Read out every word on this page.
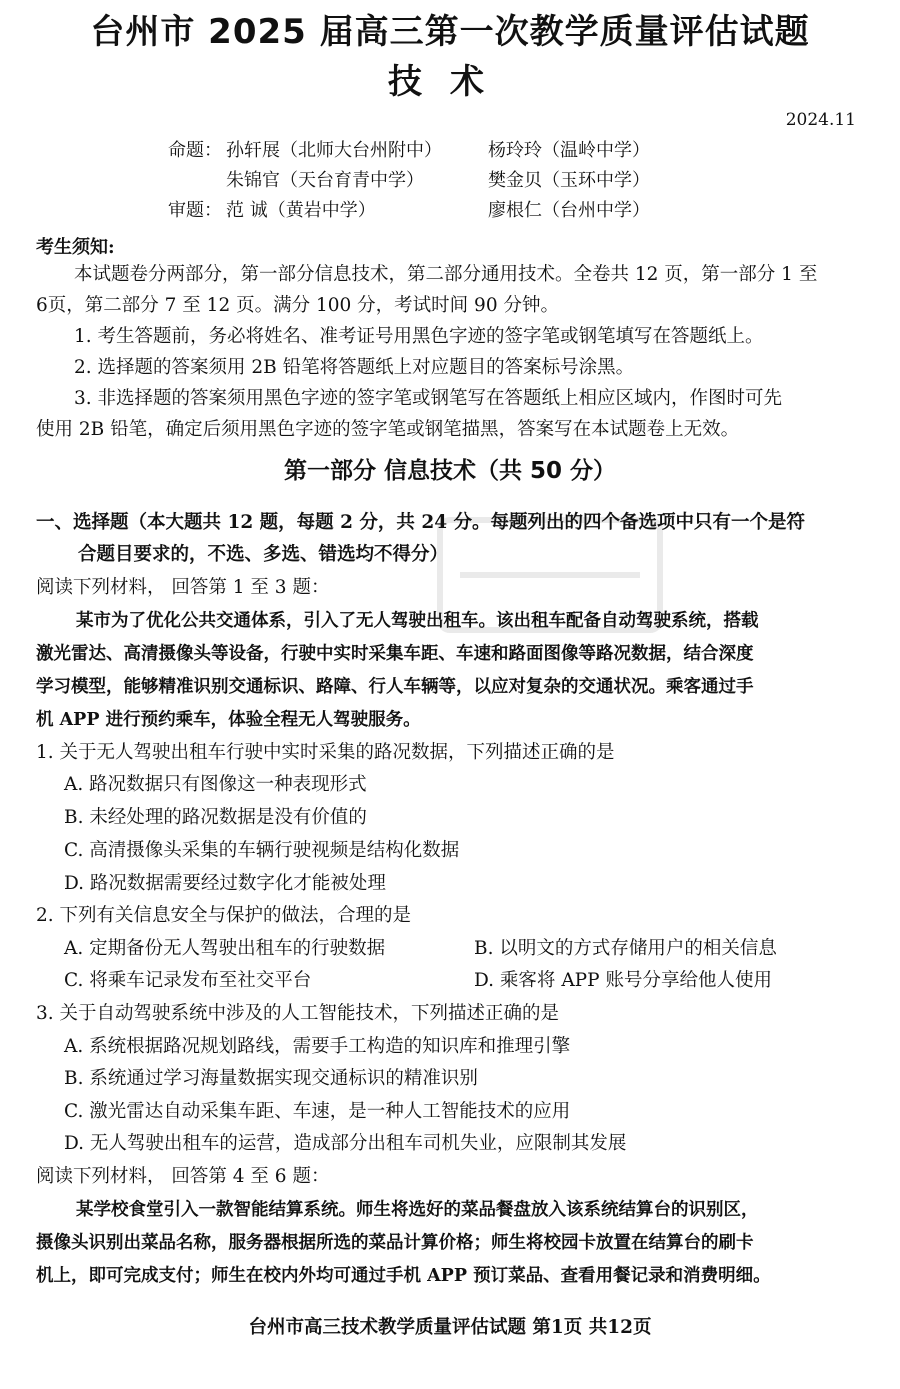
台州市 2025 届高三第一次教学质量评估试题
技术
2024.11
命题： 孙轩展（北师大台州附中）	杨玲玲（温岭中学）
朱锦官（天台育青中学）	樊金贝（玉环中学）
审题： 范 诚（黄岩中学）	廖根仁（台州中学）
考生须知:
本试题卷分两部分，第一部分信息技术，第二部分通用技术。全卷共 12 页，第一部分 1 至
6页，第二部分 7 至 12 页。满分 100 分，考试时间 90 分钟。
1. 考生答题前，务必将姓名、准考证号用黑色字迹的签字笔或钢笔填写在答题纸上。
2. 选择题的答案须用 2B 铅笔将答题纸上对应题目的答案标号涂黑。
3. 非选择题的答案须用黑色字迹的签字笔或钢笔写在答题纸上相应区域内，作图时可先
使用 2B 铅笔，确定后须用黑色字迹的签字笔或钢笔描黑，答案写在本试题卷上无效。
第一部分 信息技术（共 50 分）
一、选择题（本大题共 12 题，每题 2 分，共 24 分。每题列出的四个备选项中只有一个是符
合题目要求的，不选、多选、错选均不得分）
阅读下列材料， 回答第 1 至 3 题：
某市为了优化公共交通体系，引入了无人驾驶出租车。该出租车配备自动驾驶系统，搭载
激光雷达、高清摄像头等设备，行驶中实时采集车距、车速和路面图像等路况数据，结合深度
学习模型，能够精准识别交通标识、路障、行人车辆等，以应对复杂的交通状况。乘客通过手
机 APP 进行预约乘车，体验全程无人驾驶服务。
1. 关于无人驾驶出租车行驶中实时采集的路况数据，下列描述正确的是
A. 路况数据只有图像这一种表现形式
B. 未经处理的路况数据是没有价值的
C. 高清摄像头采集的车辆行驶视频是结构化数据
D. 路况数据需要经过数字化才能被处理
2. 下列有关信息安全与保护的做法，合理的是
A. 定期备份无人驾驶出租车的行驶数据	B. 以明文的方式存储用户的相关信息
C. 将乘车记录发布至社交平台	D. 乘客将 APP 账号分享给他人使用
3. 关于自动驾驶系统中涉及的人工智能技术，下列描述正确的是
A. 系统根据路况规划路线，需要手工构造的知识库和推理引擎
B. 系统通过学习海量数据实现交通标识的精准识别
C. 激光雷达自动采集车距、车速，是一种人工智能技术的应用
D. 无人驾驶出租车的运营，造成部分出租车司机失业，应限制其发展
阅读下列材料， 回答第 4 至 6 题：
某学校食堂引入一款智能结算系统。师生将选好的菜品餐盘放入该系统结算台的识别区，
摄像头识别出菜品名称，服务器根据所选的菜品计算价格；师生将校园卡放置在结算台的刷卡
机上，即可完成支付；师生在校内外均可通过手机 APP 预订菜品、查看用餐记录和消费明细。
台州市高三技术教学质量评估试题 第1页 共12页
